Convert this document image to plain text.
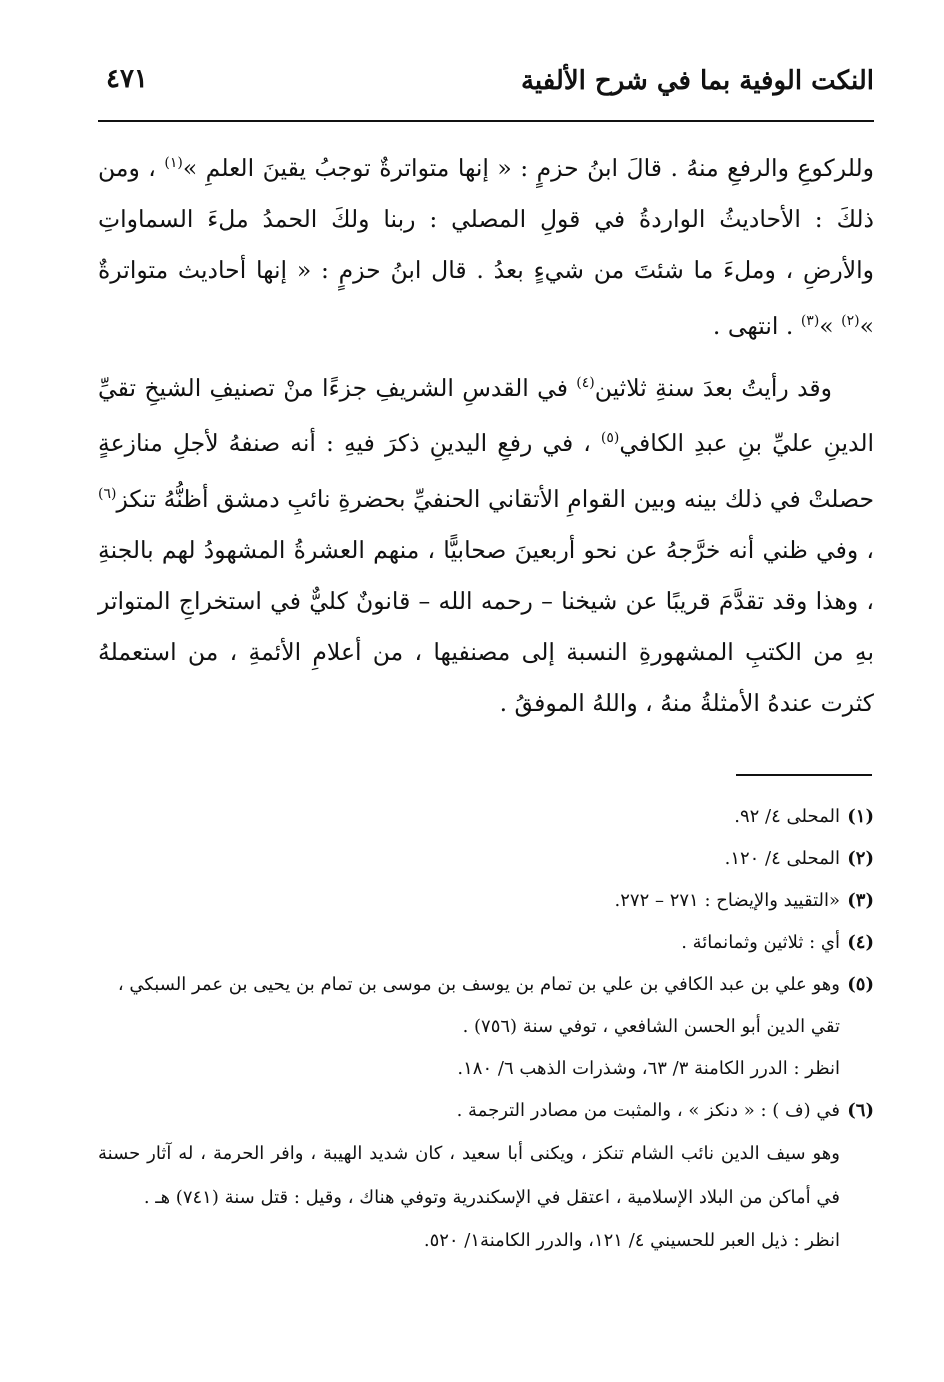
النكت الوفية بما في شرح الألفية
٤٧١

وللركوعِ والرفعِ منهُ . قالَ ابنُ حزمٍ : « إنها متواترةٌ توجبُ يقينَ العلمِ »$^{(١)}$ ، ومن ذلكَ : الأحاديثُ الواردةُ في قولِ المصلي : ربنا ولكَ الحمدُ ملءَ السماواتِ والأرضِ ، وملءَ ما شئتَ من شيءٍ بعدُ . قال ابنُ حزمٍ : « إنها أحاديث متواترةٌ »$^{(٢)}$ »$^{(٣)}$ . انتهى .

وقد رأيتُ بعدَ سنةِ ثلاثين$^{(٤)}$ في القدسِ الشريفِ جزءًا منْ تصنيفِ الشيخِ تقيِّ الدينِ عليِّ بنِ عبدِ الكافي$^{(٥)}$ ، في رفعِ اليدينِ ذكرَ فيهِ : أنه صنفهُ لأجلِ منازعةٍ حصلتْ في ذلك بينه وبين القوامِ الأتقاني الحنفيِّ بحضرةِ نائبِ دمشق أظنُّهُ تنكز$^{(٦)}$ ، وفي ظني أنه خرَّجهُ عن نحو أربعينَ صحابيًّا ، منهم العشرةُ المشهودُ لهم بالجنةِ ، وهذا وقد تقدَّمَ قريبًا عن شيخنا – رحمه الله – قانونٌ كليٌّ في استخراجِ المتواتر بهِ من الكتبِ المشهورةِ النسبة إلى مصنفيها ، من أعلامِ الأئمةِ ، من استعملهُ كثرت عندهُ الأمثلةُ منهُ ، واللهُ الموفقُ .

(١)
المحلى ٤/ ٩٢.
(٢)
المحلى ٤/ ١٢٠.
(٣)
«التقييد والإيضاح : ٢٧١ – ٢٧٢.
(٤)
أي : ثلاثين وثمانمائة .
(٥)
وهو علي بن عبد الكافي بن علي بن تمام بن يوسف بن موسى بن تمام بن يحيى بن عمر السبكي ،
تقي الدين أبو الحسن الشافعي ، توفي سنة (٧٥٦) .
انظر : الدرر الكامنة ٣/ ٦٣، وشذرات الذهب ٦/ ١٨٠.
(٦)
في (ف ) : « دنكز » ، والمثبت من مصادر الترجمة .
وهو سيف الدين نائب الشام تنكز ، ويكنى أبا سعيد ، كان شديد الهيبة ، وافر الحرمة ، له آثار حسنة في أماكن من البلاد الإسلامية ، اعتقل في الإسكندرية وتوفي هناك ، وقيل : قتل سنة (٧٤١) هـ .
انظر : ذيل العبر للحسيني ٤/ ١٢١، والدرر الكامنة١/ ٥٢٠.
